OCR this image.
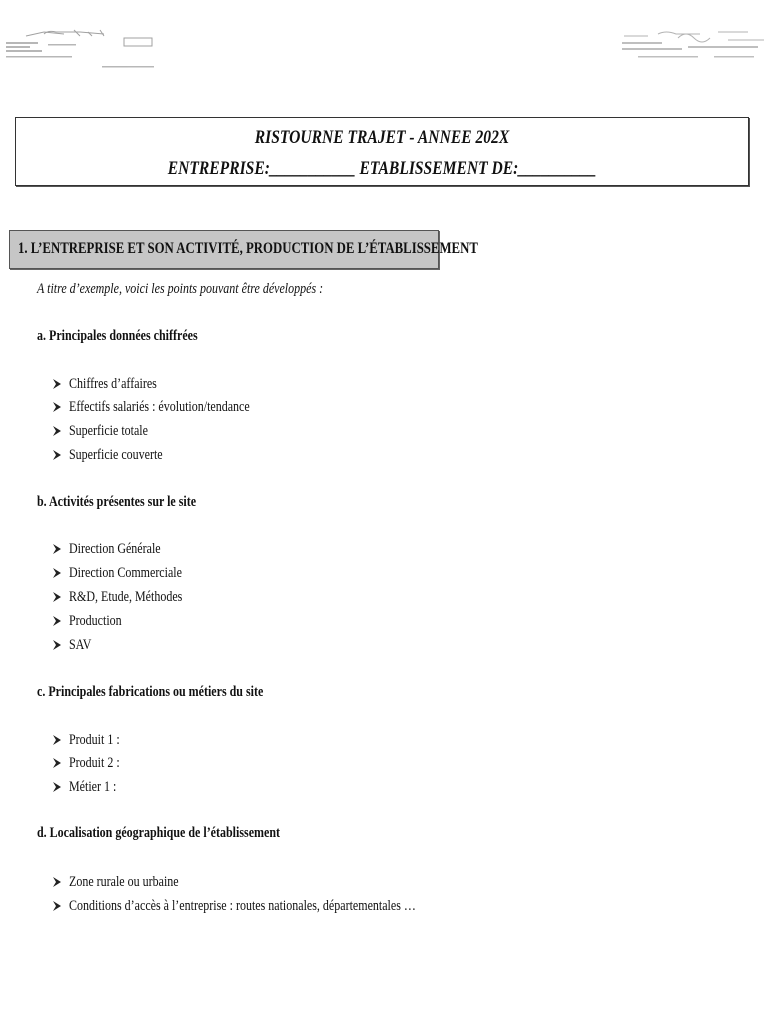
RISTOURNE TRAJET - ANNEE 202X
ENTREPRISE:___________ ETABLISSEMENT DE:__________
1. L’ENTREPRISE ET SON ACTIVITÉ, PRODUCTION DE L’ÉTABLISSEMENT
A titre d’exemple, voici les points pouvant être développés :
a. Principales données chiffrées
Chiffres d’affaires
Effectifs salariés : évolution/tendance
Superficie totale
Superficie couverte
b. Activités présentes sur le site
Direction Générale
Direction Commerciale
R&D, Etude, Méthodes
Production
SAV
c. Principales fabrications ou métiers du site
Produit 1 :
Produit 2 :
Métier 1 :
d. Localisation géographique de l’établissement
Zone rurale ou urbaine
Conditions d’accès à l’entreprise : routes nationales, départementales …
